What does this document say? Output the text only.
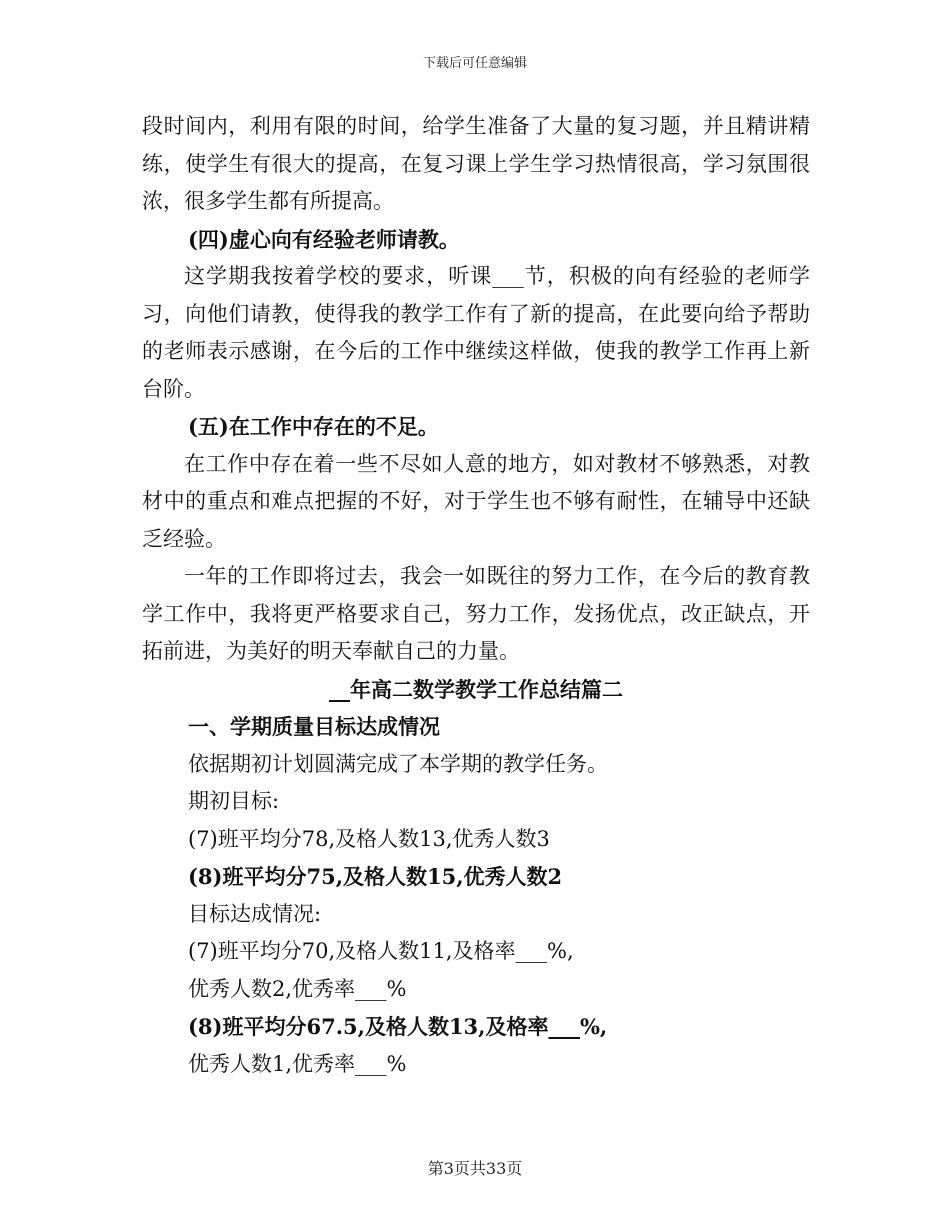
下载后可任意编辑

段时间内，利用有限的时间，给学生准备了大量的复习题，并且精讲精练，使学生有很大的提高，在复习课上学生学习热情很高，学习氛围很浓，很多学生都有所提高。

(四)虚心向有经验老师请教。

这学期我按着学校的要求，听课___节，积极的向有经验的老师学习，向他们请教，使得我的教学工作有了新的提高，在此要向给予帮助的老师表示感谢，在今后的工作中继续这样做，使我的教学工作再上新台阶。

(五)在工作中存在的不足。

在工作中存在着一些不尽如人意的地方，如对教材不够熟悉，对教材中的重点和难点把握的不好，对于学生也不够有耐性，在辅导中还缺乏经验。

一年的工作即将过去，我会一如既往的努力工作，在今后的教育教学工作中，我将更严格要求自己，努力工作，发扬优点，改正缺点，开拓前进，为美好的明天奉献自己的力量。

__年高二数学教学工作总结篇二

一、学期质量目标达成情况

依据期初计划圆满完成了本学期的教学任务。

期初目标:

(7)班平均分78,及格人数13,优秀人数3

(8)班平均分75,及格人数15,优秀人数2

目标达成情况:

(7)班平均分70,及格人数11,及格率___%,

优秀人数2,优秀率___%

(8)班平均分67.5,及格人数13,及格率___%,

优秀人数1,优秀率___%

第3页共33页
